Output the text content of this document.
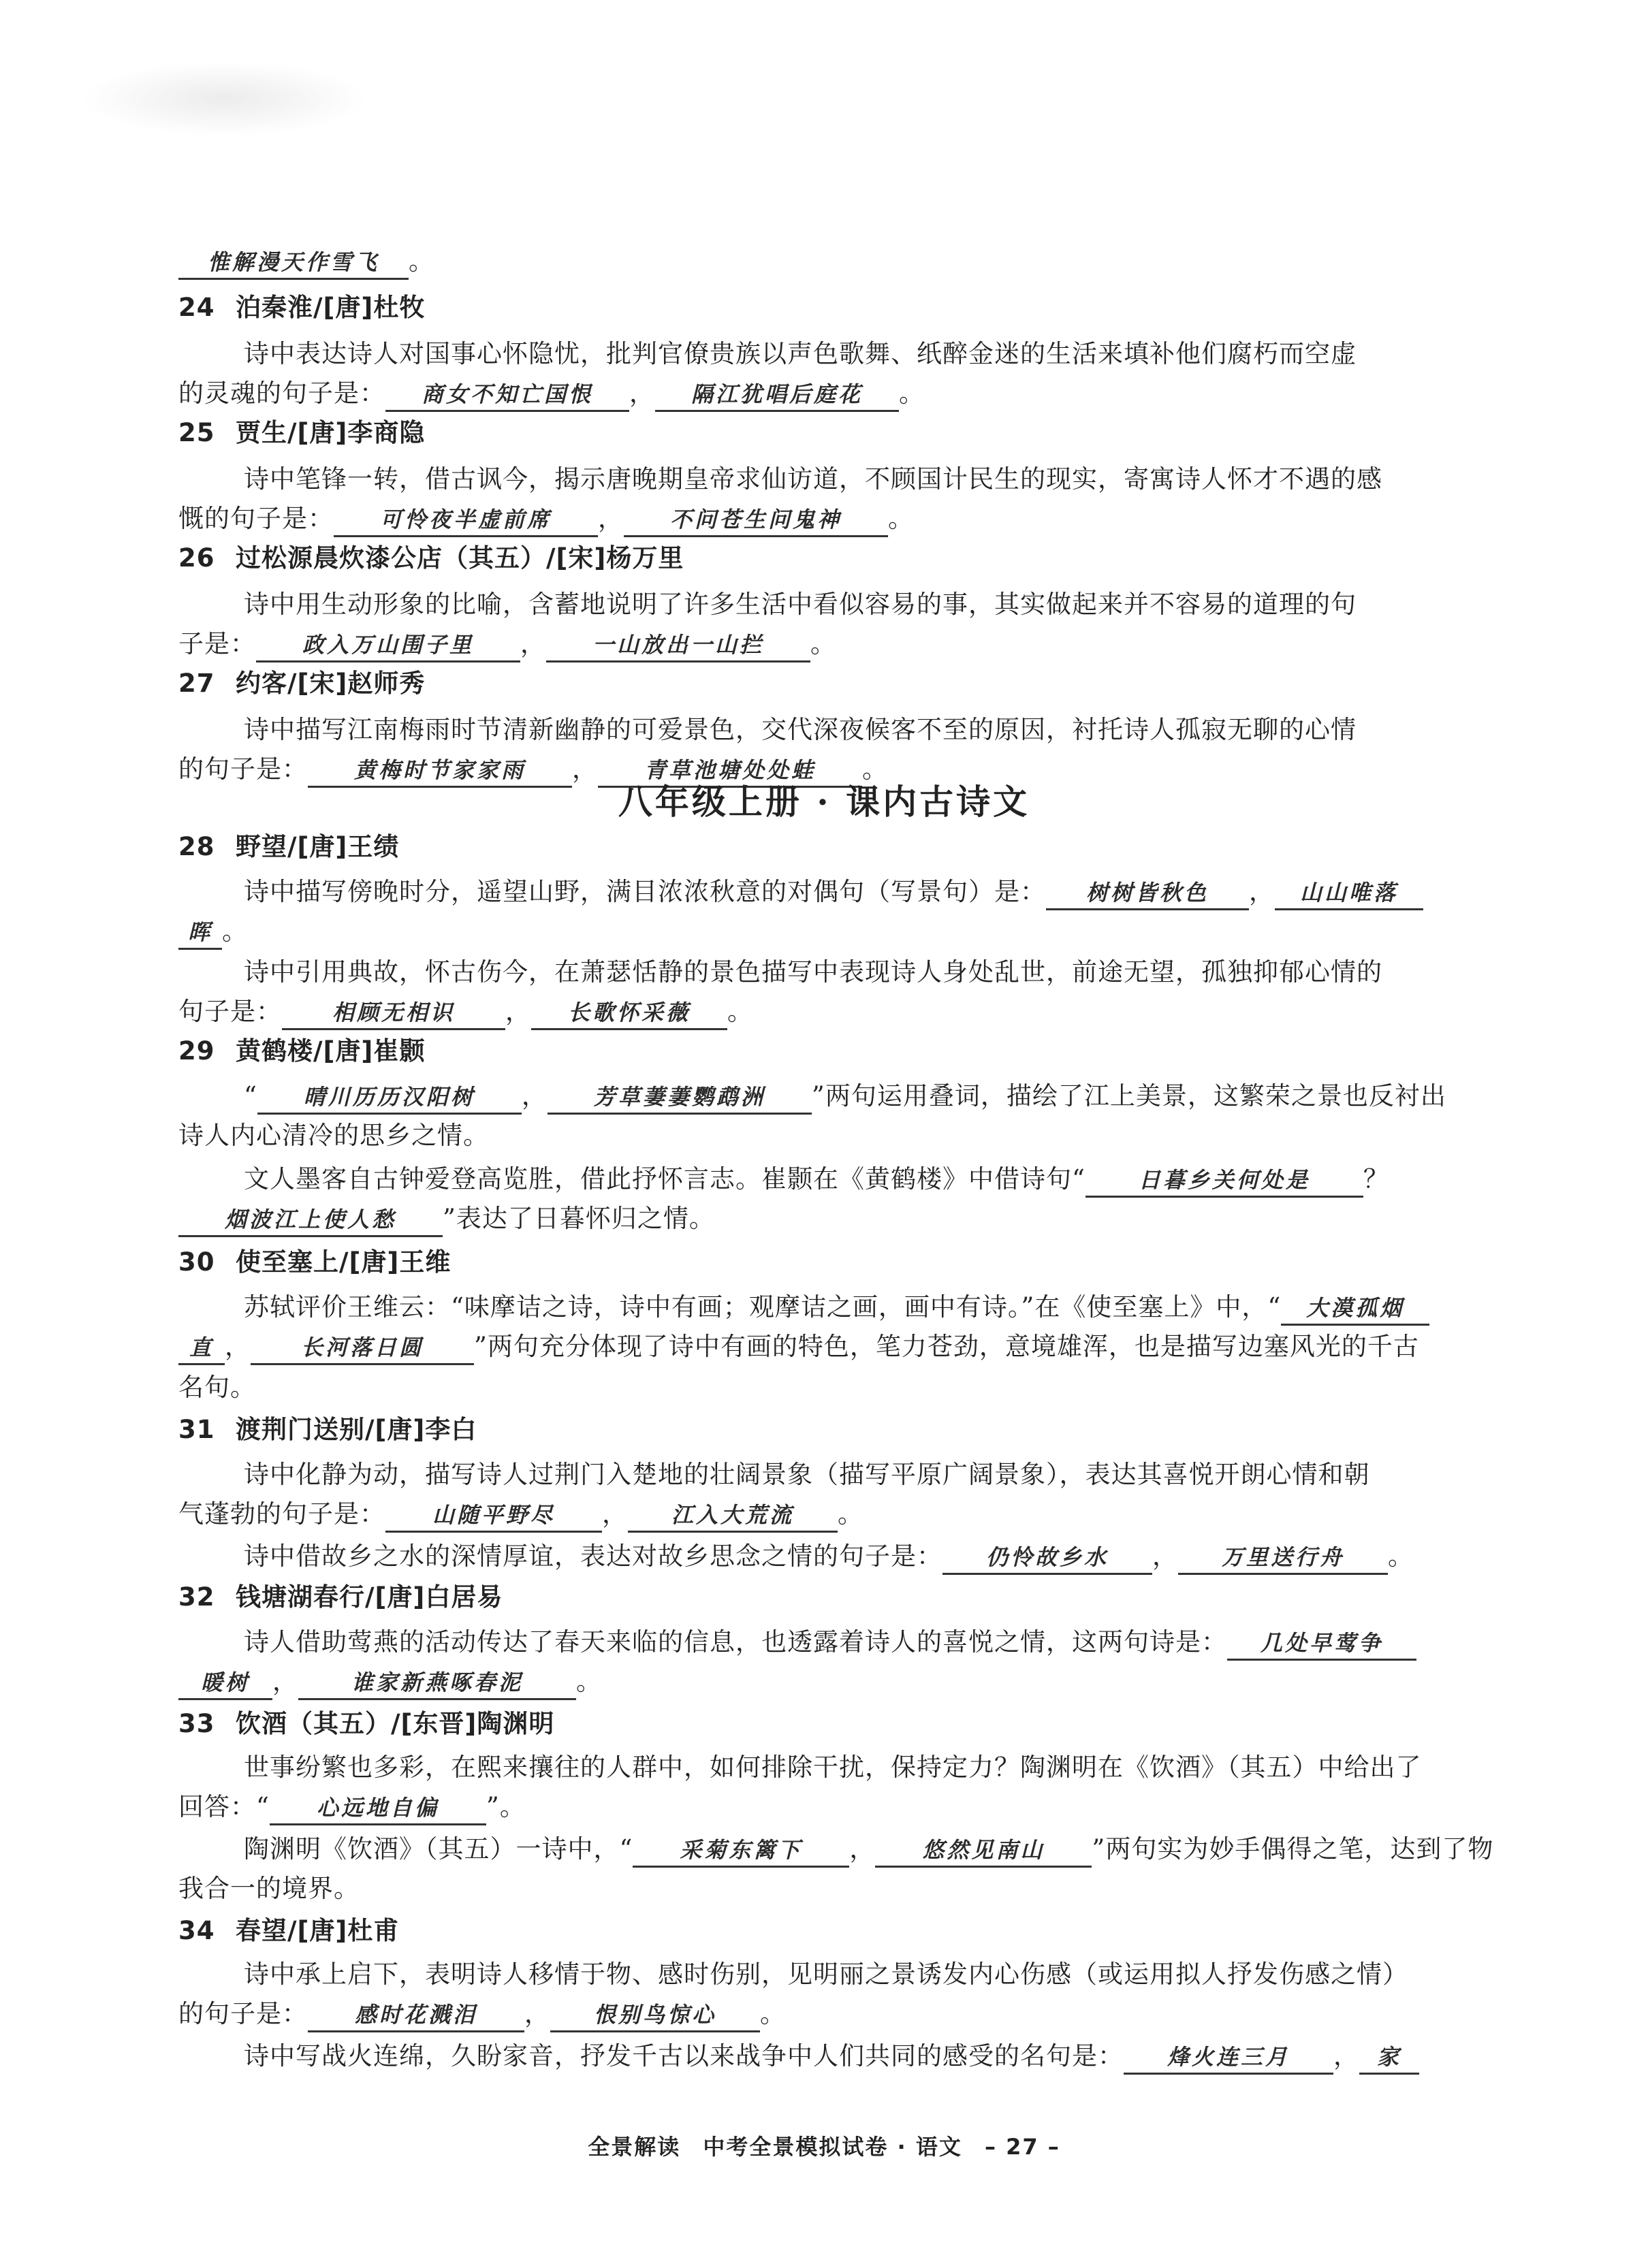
惟解漫天作雪飞 。
24 泊秦淮/[唐]杜牧
诗中表达诗人对国事心怀隐忧，批判官僚贵族以声色歌舞、纸醉金迷的生活来填补他们腐朽而空虚
的灵魂的句子是： 商女不知亡国恨 ， 隔江犹唱后庭花 。
25 贾生/[唐]李商隐
诗中笔锋一转，借古讽今，揭示唐晚期皇帝求仙访道，不顾国计民生的现实，寄寓诗人怀才不遇的感
慨的句子是： 可怜夜半虚前席 ， 不问苍生问鬼神 。
26 过松源晨炊漆公店（其五）/[宋]杨万里
诗中用生动形象的比喻，含蓄地说明了许多生活中看似容易的事，其实做起来并不容易的道理的句
子是： 政入万山围子里 ， 一山放出一山拦 。
27 约客/[宋]赵师秀
诗中描写江南梅雨时节清新幽静的可爱景色，交代深夜候客不至的原因，衬托诗人孤寂无聊的心情
的句子是： 黄梅时节家家雨 ， 青草池塘处处蛙 。
八年级上册 · 课内古诗文
28 野望/[唐]王绩
诗中描写傍晚时分，遥望山野，满目浓浓秋意的对偶句（写景句）是： 树树皆秋色 ， 山山唯落
晖 。
诗中引用典故，怀古伤今，在萧瑟恬静的景色描写中表现诗人身处乱世，前途无望，孤独抑郁心情的
句子是： 相顾无相识 ， 长歌怀采薇 。
29 黄鹤楼/[唐]崔颢
“ 晴川历历汉阳树 ， 芳草萋萋鹦鹉洲 ”两句运用叠词，描绘了江上美景，这繁荣之景也反衬出
诗人内心清冷的思乡之情。
文人墨客自古钟爱登高览胜，借此抒怀言志。崔颢在《黄鹤楼》中借诗句“ 日暮乡关何处是 ？
烟波江上使人愁 ”表达了日暮怀归之情。
30 使至塞上/[唐]王维
苏轼评价王维云：“味摩诘之诗，诗中有画；观摩诘之画，画中有诗。”在《使至塞上》中，“ 大漠孤烟
直 ， 长河落日圆 ”两句充分体现了诗中有画的特色，笔力苍劲，意境雄浑，也是描写边塞风光的千古
名句。
31 渡荆门送别/[唐]李白
诗中化静为动，描写诗人过荆门入楚地的壮阔景象（描写平原广阔景象），表达其喜悦开朗心情和朝
气蓬勃的句子是： 山随平野尽 ， 江入大荒流 。
诗中借故乡之水的深情厚谊，表达对故乡思念之情的句子是： 仍怜故乡水 ， 万里送行舟 。
32 钱塘湖春行/[唐]白居易
诗人借助莺燕的活动传达了春天来临的信息，也透露着诗人的喜悦之情，这两句诗是： 几处早莺争
暖树 ， 谁家新燕啄春泥 。
33 饮酒（其五）/[东晋]陶渊明
世事纷繁也多彩，在熙来攘往的人群中，如何排除干扰，保持定力？陶渊明在《饮酒》（其五）中给出了
回答：“ 心远地自偏 ”。
陶渊明《饮酒》（其五）一诗中，“ 采菊东篱下 ， 悠然见南山 ”两句实为妙手偶得之笔，达到了物
我合一的境界。
34 春望/[唐]杜甫
诗中承上启下，表明诗人移情于物、感时伤别，见明丽之景诱发内心伤感（或运用拟人抒发伤感之情）
的句子是： 感时花溅泪 ， 恨别鸟惊心 。
诗中写战火连绵，久盼家音，抒发千古以来战争中人们共同的感受的名句是： 烽火连三月 ， 家
全景解读 中考全景模拟试卷 · 语文 – 27 –
